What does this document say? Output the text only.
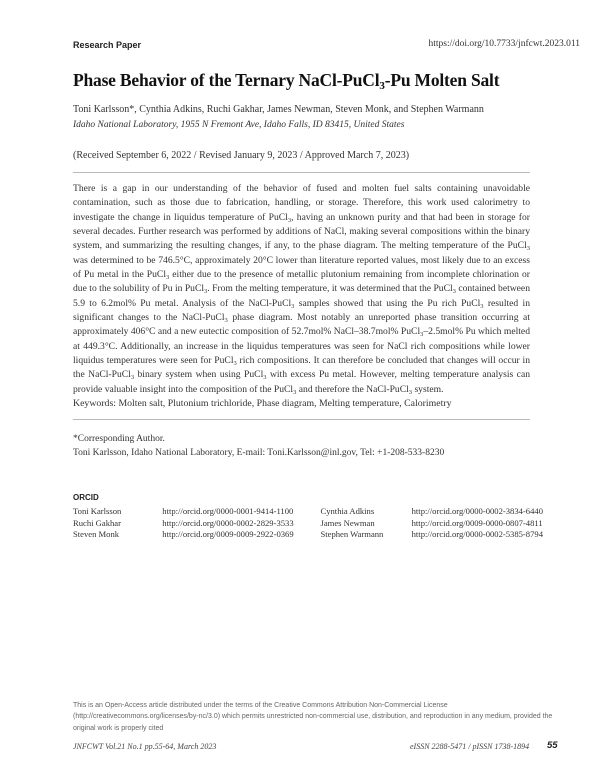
Research Paper	https://doi.org/10.7733/jnfcwt.2023.011
Phase Behavior of the Ternary NaCl-PuCl$_3$-Pu Molten Salt
Toni Karlsson*, Cynthia Adkins, Ruchi Gakhar, James Newman, Steven Monk, and Stephen Warmann
Idaho National Laboratory, 1955 N Fremont Ave, Idaho Falls, ID 83415, United States
(Received September 6, 2022 / Revised January 9, 2023 / Approved March 7, 2023)

There is a gap in our understanding of the behavior of fused and molten fuel salts containing unavoidable contamination, such as those due to fabrication, handling, or storage. Therefore, this work used calorimetry to investigate the change in liquidus temperature of PuCl$_3$, having an unknown purity and that had been in storage for several decades. Further research was performed by additions of NaCl, making several compositions within the binary system, and summarizing the resulting changes, if any, to the phase diagram. The melting temperature of the PuCl$_3$ was determined to be 746.5°C, approximately 20°C lower than literature reported values, most likely due to an excess of Pu metal in the PuCl$_3$ either due to the presence of metallic plutonium remaining from incomplete chlorination or due to the solubility of Pu in PuCl$_3$. From the melting temperature, it was determined that the PuCl$_3$ contained between 5.9 to 6.2mol% Pu metal. Analysis of the NaCl-PuCl$_3$ samples showed that using the Pu rich PuCl$_3$ resulted in significant changes to the NaCl-PuCl$_3$ phase diagram. Most notably an unreported phase transition occurring at approximately 406°C and a new eutectic composition of 52.7mol% NaCl–38.7mol% PuCl$_3$–2.5mol% Pu which melted at 449.3°C. Additionally, an increase in the liquidus temperatures was seen for NaCl rich compositions while lower liquidus temperatures were seen for PuCl$_3$ rich compositions. It can therefore be concluded that changes will occur in the NaCl-PuCl$_3$ binary system when using PuCl$_3$ with excess Pu metal. However, melting temperature analysis can provide valuable insight into the composition of the PuCl$_3$ and therefore the NaCl-PuCl$_3$ system.

Keywords: Molten salt, Plutonium trichloride, Phase diagram, Melting temperature, Calorimetry
*Corresponding Author.
Toni Karlsson, Idaho National Laboratory, E-mail: Toni.Karlsson@inl.gov, Tel: +1-208-533-8230
ORCID
Toni Karlsson	http://orcid.org/0000-0001-9414-1100	Cynthia Adkins	http://orcid.org/0000-0002-3834-6440
Ruchi Gakhar	http://orcid.org/0000-0002-2829-3533	James Newman	http://orcid.org/0009-0000-0807-4811
Steven Monk	http://orcid.org/0009-0009-2922-0369	Stephen Warmann	http://orcid.org/0000-0002-5385-8794

This is an Open-Access article distributed under the terms of the Creative Commons Attribution Non-Commercial License (http://creativecommons.org/licenses/by-nc/3.0) which permits unrestricted non-commercial use, distribution, and reproduction in any medium, provided the original work is properly cited

JNFCWT Vol.21 No.1 pp.55-64, March 2023	eISSN 2288-5471 / pISSN 1738-1894 55
